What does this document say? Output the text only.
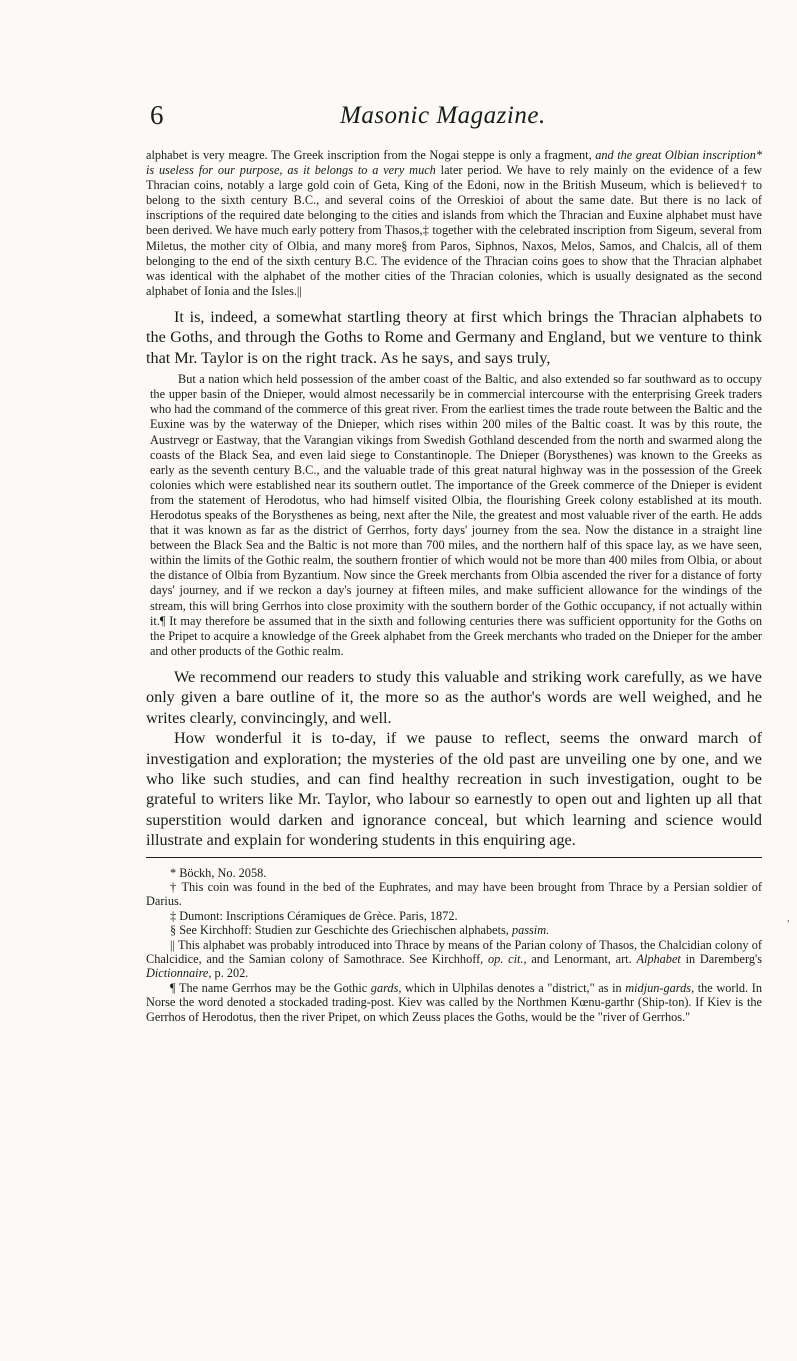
6	Masonic Magazine.

alphabet is very meagre. The Greek inscription from the Nogai steppe is only a fragment, and the great Olbian inscription* is useless for our purpose, as it belongs to a very much later period. We have to rely mainly on the evidence of a few Thracian coins, notably a large gold coin of Geta, King of the Edoni, now in the British Museum, which is believed† to belong to the sixth century B.C., and several coins of the Orreskioi of about the same date. But there is no lack of inscriptions of the required date belonging to the cities and islands from which the Thracian and Euxine alphabet must have been derived. We have much early pottery from Thasos,‡ together with the celebrated inscription from Sigeum, several from Miletus, the mother city of Olbia, and many more§ from Paros, Siphnos, Naxos, Melos, Samos, and Chalcis, all of them belonging to the end of the sixth century B.C. The evidence of the Thracian coins goes to show that the Thracian alphabet was identical with the alphabet of the mother cities of the Thracian colonies, which is usually designated as the second alphabet of Ionia and the Isles.||

It is, indeed, a somewhat startling theory at first which brings the Thracian alphabets to the Goths, and through the Goths to Rome and Germany and England, but we venture to think that Mr. Taylor is on the right track. As he says, and says truly,

But a nation which held possession of the amber coast of the Baltic, and also extended so far southward as to occupy the upper basin of the Dnieper, would almost necessarily be in commercial intercourse with the enterprising Greek traders who had the command of the commerce of this great river. From the earliest times the trade route between the Baltic and the Euxine was by the waterway of the Dnieper, which rises within 200 miles of the Baltic coast. It was by this route, the Austrvegr or Eastway, that the Varangian vikings from Swedish Gothland descended from the north and swarmed along the coasts of the Black Sea, and even laid siege to Constantinople. The Dnieper (Borysthenes) was known to the Greeks as early as the seventh century B.C., and the valuable trade of this great natural highway was in the possession of the Greek colonies which were established near its southern outlet. The importance of the Greek commerce of the Dnieper is evident from the statement of Herodotus, who had himself visited Olbia, the flourishing Greek colony established at its mouth. Herodotus speaks of the Borysthenes as being, next after the Nile, the greatest and most valuable river of the earth. He adds that it was known as far as the district of Gerrhos, forty days' journey from the sea. Now the distance in a straight line between the Black Sea and the Baltic is not more than 700 miles, and the northern half of this space lay, as we have seen, within the limits of the Gothic realm, the southern frontier of which would not be more than 400 miles from Olbia, or about the distance of Olbia from Byzantium. Now since the Greek merchants from Olbia ascended the river for a distance of forty days' journey, and if we reckon a day's journey at fifteen miles, and make sufficient allowance for the windings of the stream, this will bring Gerrhos into close proximity with the southern border of the Gothic occupancy, if not actually within it.¶ It may therefore be assumed that in the sixth and following centuries there was sufficient opportunity for the Goths on the Pripet to acquire a knowledge of the Greek alphabet from the Greek merchants who traded on the Dnieper for the amber and other products of the Gothic realm.

We recommend our readers to study this valuable and striking work carefully, as we have only given a bare outline of it, the more so as the author's words are well weighed, and he writes clearly, convincingly, and well.

How wonderful it is to-day, if we pause to reflect, seems the onward march of investigation and exploration; the mysteries of the old past are unveiling one by one, and we who like such studies, and can find healthy recreation in such investigation, ought to be grateful to writers like Mr. Taylor, who labour so earnestly to open out and lighten up all that superstition would darken and ignorance conceal, but which learning and science would illustrate and explain for wondering students in this enquiring age.

* Böckh, No. 2058.

† This coin was found in the bed of the Euphrates, and may have been brought from Thrace by a Persian soldier of Darius.

‡ Dumont: Inscriptions Céramiques de Grèce. Paris, 1872.

§ See Kirchhoff: Studien zur Geschichte des Griechischen alphabets, passim.

|| This alphabet was probably introduced into Thrace by means of the Parian colony of Thasos, the Chalcidian colony of Chalcidice, and the Samian colony of Samothrace. See Kirchhoff, op. cit., and Lenormant, art. Alphabet in Daremberg's Dictionnaire, p. 202.

¶ The name Gerrhos may be the Gothic gards, which in Ulphilas denotes a "district," as in midjun-gards, the world. In Norse the word denoted a stockaded trading-post. Kiev was called by the Northmen Kœnu-garthr (Ship-ton). If Kiev is the Gerrhos of Herodotus, then the river Pripet, on which Zeuss places the Goths, would be the "river of Gerrhos."

,
